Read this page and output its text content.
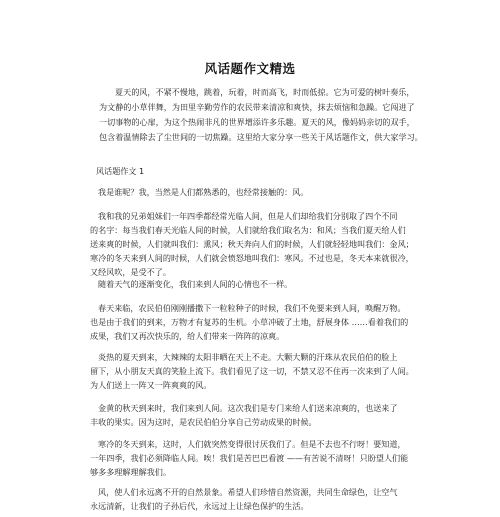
风话题作文精选
夏天的风，不紧不慢地，跳着，玩着，时而高飞，时而低掠。它为可爱的树叶奏乐，
为文静的小草伴舞，为田里辛勤劳作的农民带来清凉和爽快，抹去烦恼和急躁。它闯进了
一切事物的心扉，为这个热闹非凡的世界增添许多乐趣。夏天的风，像妈妈亲切的双手，
包含着温情除去了尘世间的一切焦躁。这里给大家分享一些关于风话题作文，供大家学习。
风话题作文 1
我是谁呢？我，当然是人们都熟悉的，也经常接触的：风。
我和我的兄弟姐妹们一年四季都经常光临人间，但是人们却给我们分别取了四个不同
的名字：每当我们春天光临人间的时候，人们就给我们取名为：和风；当我们夏天给人们
送来爽的时候，人们就叫我们：熏风；秋天奔向人们的时候，人们就轻轻地叫我们：金风；
寒冷的冬天来到人间的时候，人们就会愤怒地叫我们：寒风。不过也是，冬天本来就很冷，
又经风吹，是受不了。
随着天气的逐渐变化，我们来到人间的心情也不一样。
春天来临，农民伯伯刚刚播撒下一粒粒种子的时候，我们不免要来到人间，唤醒万物。
也是由于我们的到来，万物才有复苏的生机。小草冲破了土地，舒展身体 ……看着我们的
成果，我们又再次快乐的，给人们带来一阵阵的凉爽。
炎热的夏天到来，大辣辣的太阳非晒在天上不走。大颗大颗的汗珠从农民伯伯的脸上
留下，从小朋友天真的笑脸上流下。我们看见了这一切，不禁又忍不住再一次来到了人间。
为人们送上一阵又一阵爽爽的风。
金黄的秋天到来时，我们来到人间。这次我们是专门来给人们送来凉爽的，也送来了
丰收的果实。因为这时，是农民伯伯分享自己劳动成果的时候。
寒冷的冬天到来，这时，人们就突然变得很讨厌我们了。但是不去也不行呀！要知道，
一年四季，我们必须降临人间。唉！我们是苦巴巴看渡 ——有苦说不清呀！只盼望人们能
够多多理解理解我们。
风，使人们永远离不开的自然景象。希望人们珍惜自然资源，共同生命绿色，让空气
永远清新，让我们的子孙后代，永远过上让绿色保护的生活。
